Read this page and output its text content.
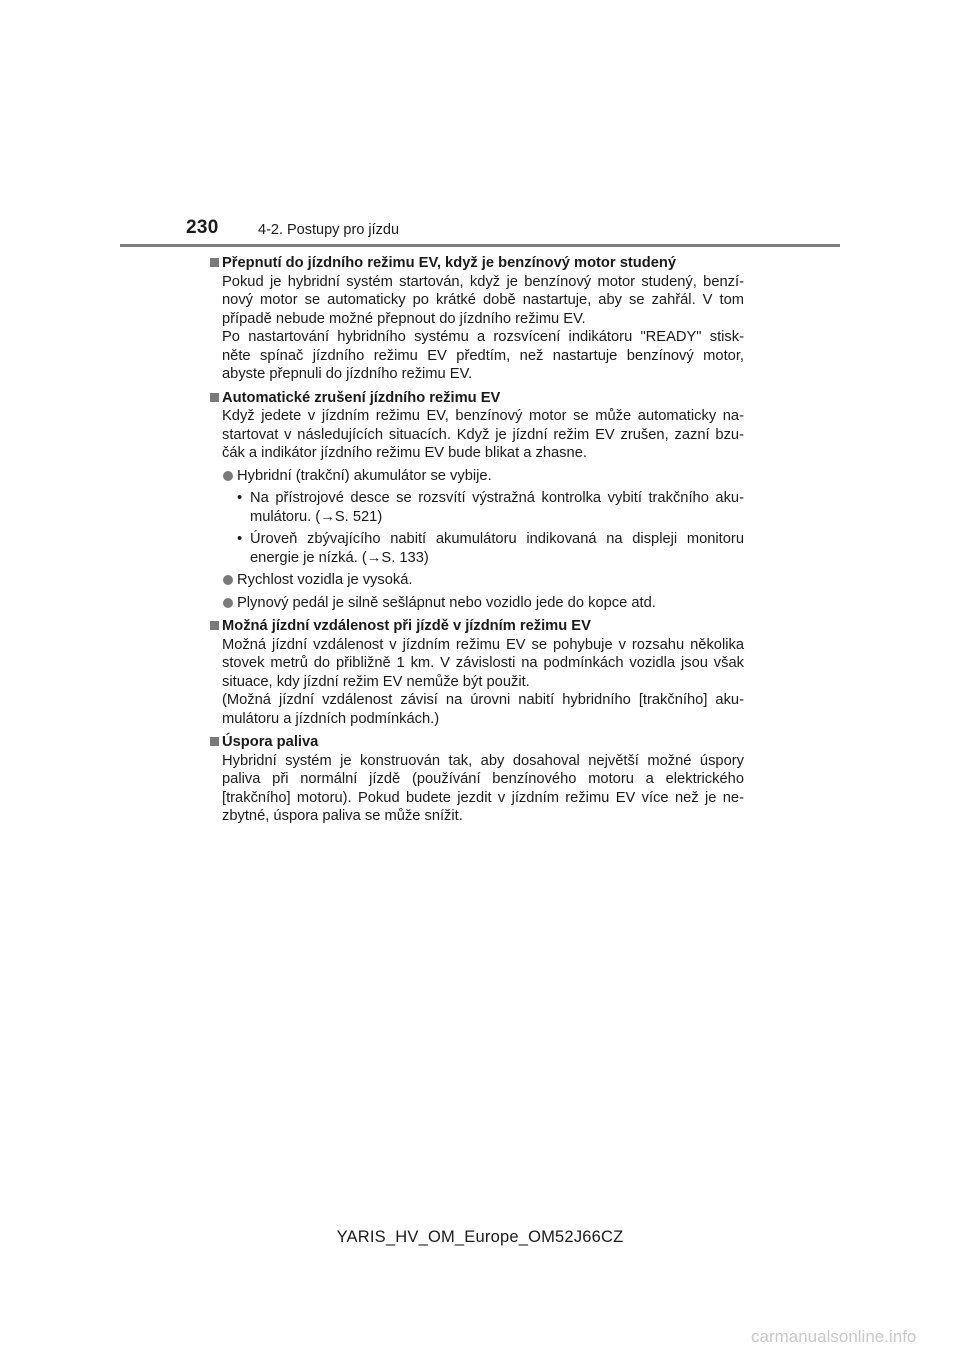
230	4-2. Postupy pro jízdu
Přepnutí do jízdního režimu EV, když je benzínový motor studený
Pokud je hybridní systém startován, když je benzínový motor studený, benzí-
nový motor se automaticky po krátké době nastartuje, aby se zahřál. V tom
případě nebude možné přepnout do jízdního režimu EV.
Po nastartování hybridního systému a rozsvícení indikátoru "READY" stisk-
něte spínač jízdního režimu EV předtím, než nastartuje benzínový motor,
abyste přepnuli do jízdního režimu EV.
Automatické zrušení jízdního režimu EV
Když jedete v jízdním režimu EV, benzínový motor se může automaticky na-
startovat v následujících situacích. Když je jízdní režim EV zrušen, zazní bzu-
čák a indikátor jízdního režimu EV bude blikat a zhasne.
Hybridní (trakční) akumulátor se vybije.
• Na přístrojové desce se rozsvítí výstražná kontrolka vybití trakčního aku-
mulátoru. (→S. 521)
• Úroveň zbývajícího nabití akumulátoru indikovaná na displeji monitoru
energie je nízká. (→S. 133)
Rychlost vozidla je vysoká.
Plynový pedál je silně sešlápnut nebo vozidlo jede do kopce atd.
Možná jízdní vzdálenost při jízdě v jízdním režimu EV
Možná jízdní vzdálenost v jízdním režimu EV se pohybuje v rozsahu několika
stovek metrů do přibližně 1 km. V závislosti na podmínkách vozidla jsou však
situace, kdy jízdní režim EV nemůže být použit.
(Možná jízdní vzdálenost závisí na úrovni nabití hybridního [trakčního] aku-
mulátoru a jízdních podmínkách.)
Úspora paliva
Hybridní systém je konstruován tak, aby dosahoval největší možné úspory
paliva při normální jízdě (používání benzínového motoru a elektrického
[trakčního] motoru). Pokud budete jezdit v jízdním režimu EV více než je ne-
zbytné, úspora paliva se může snížit.
YARIS_HV_OM_Europe_OM52J66CZ
carmanualsonline.info
